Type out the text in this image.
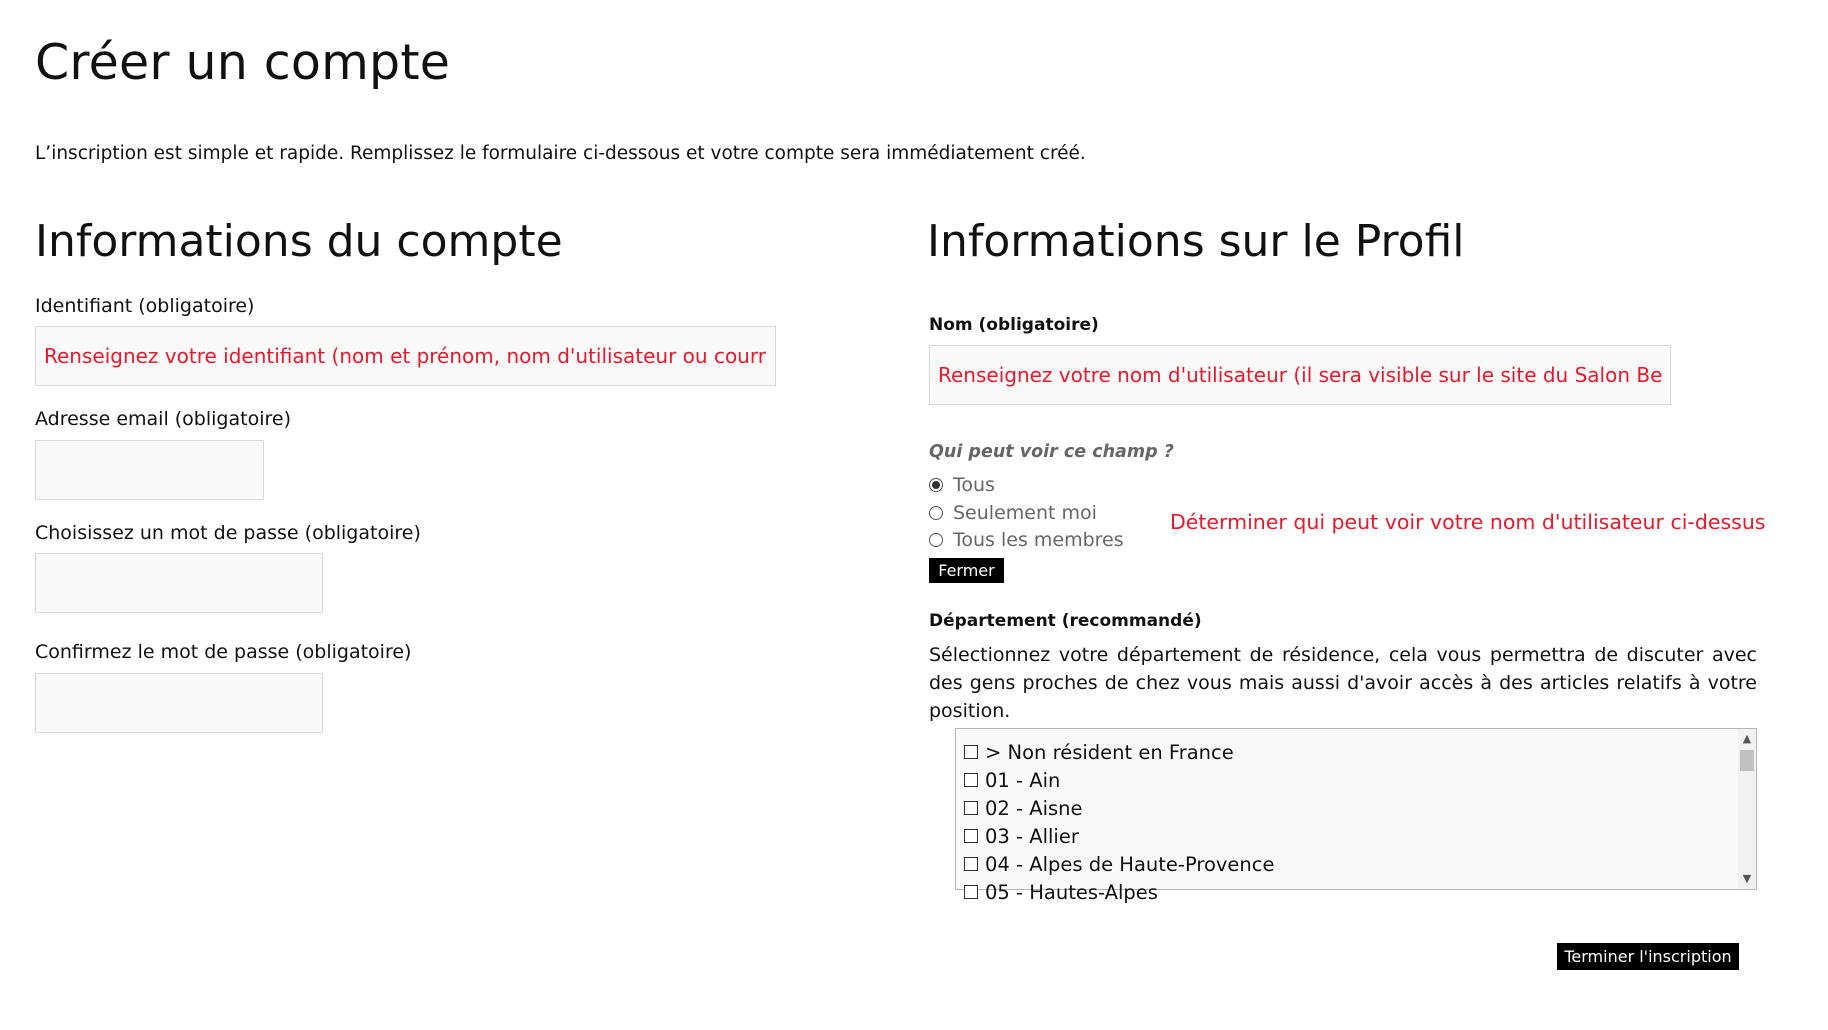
Créer un compte

L’inscription est simple et rapide. Remplissez le formulaire ci-dessous et votre compte sera immédiatement créé.

Informations du compte
Identifiant (obligatoire)
Renseignez votre identifiant (nom et prénom, nom d'utilisateur ou courriel)
Adresse email (obligatoire)
Choisissez un mot de passe (obligatoire)
Confirmez le mot de passe (obligatoire)
Informations sur le Profil
Nom (obligatoire)
Renseignez votre nom d'utilisateur (il sera visible sur le site du Salon Beige)
Qui peut voir ce champ ?
Tous
Seulement moi
Tous les membres
Fermer
Déterminer qui peut voir votre nom d'utilisateur ci-dessus
Département (recommandé)

Sélectionnez votre département de résidence, cela vous permettra de discuter avec des gens proches de chez vous mais aussi d'avoir accès à des articles relatifs à votre position.

> Non résident en France
01 - Ain
02 - Aisne
03 - Allier
04 - Alpes de Haute-Provence
05 - Hautes-Alpes
▲
▼
Terminer l'inscription
